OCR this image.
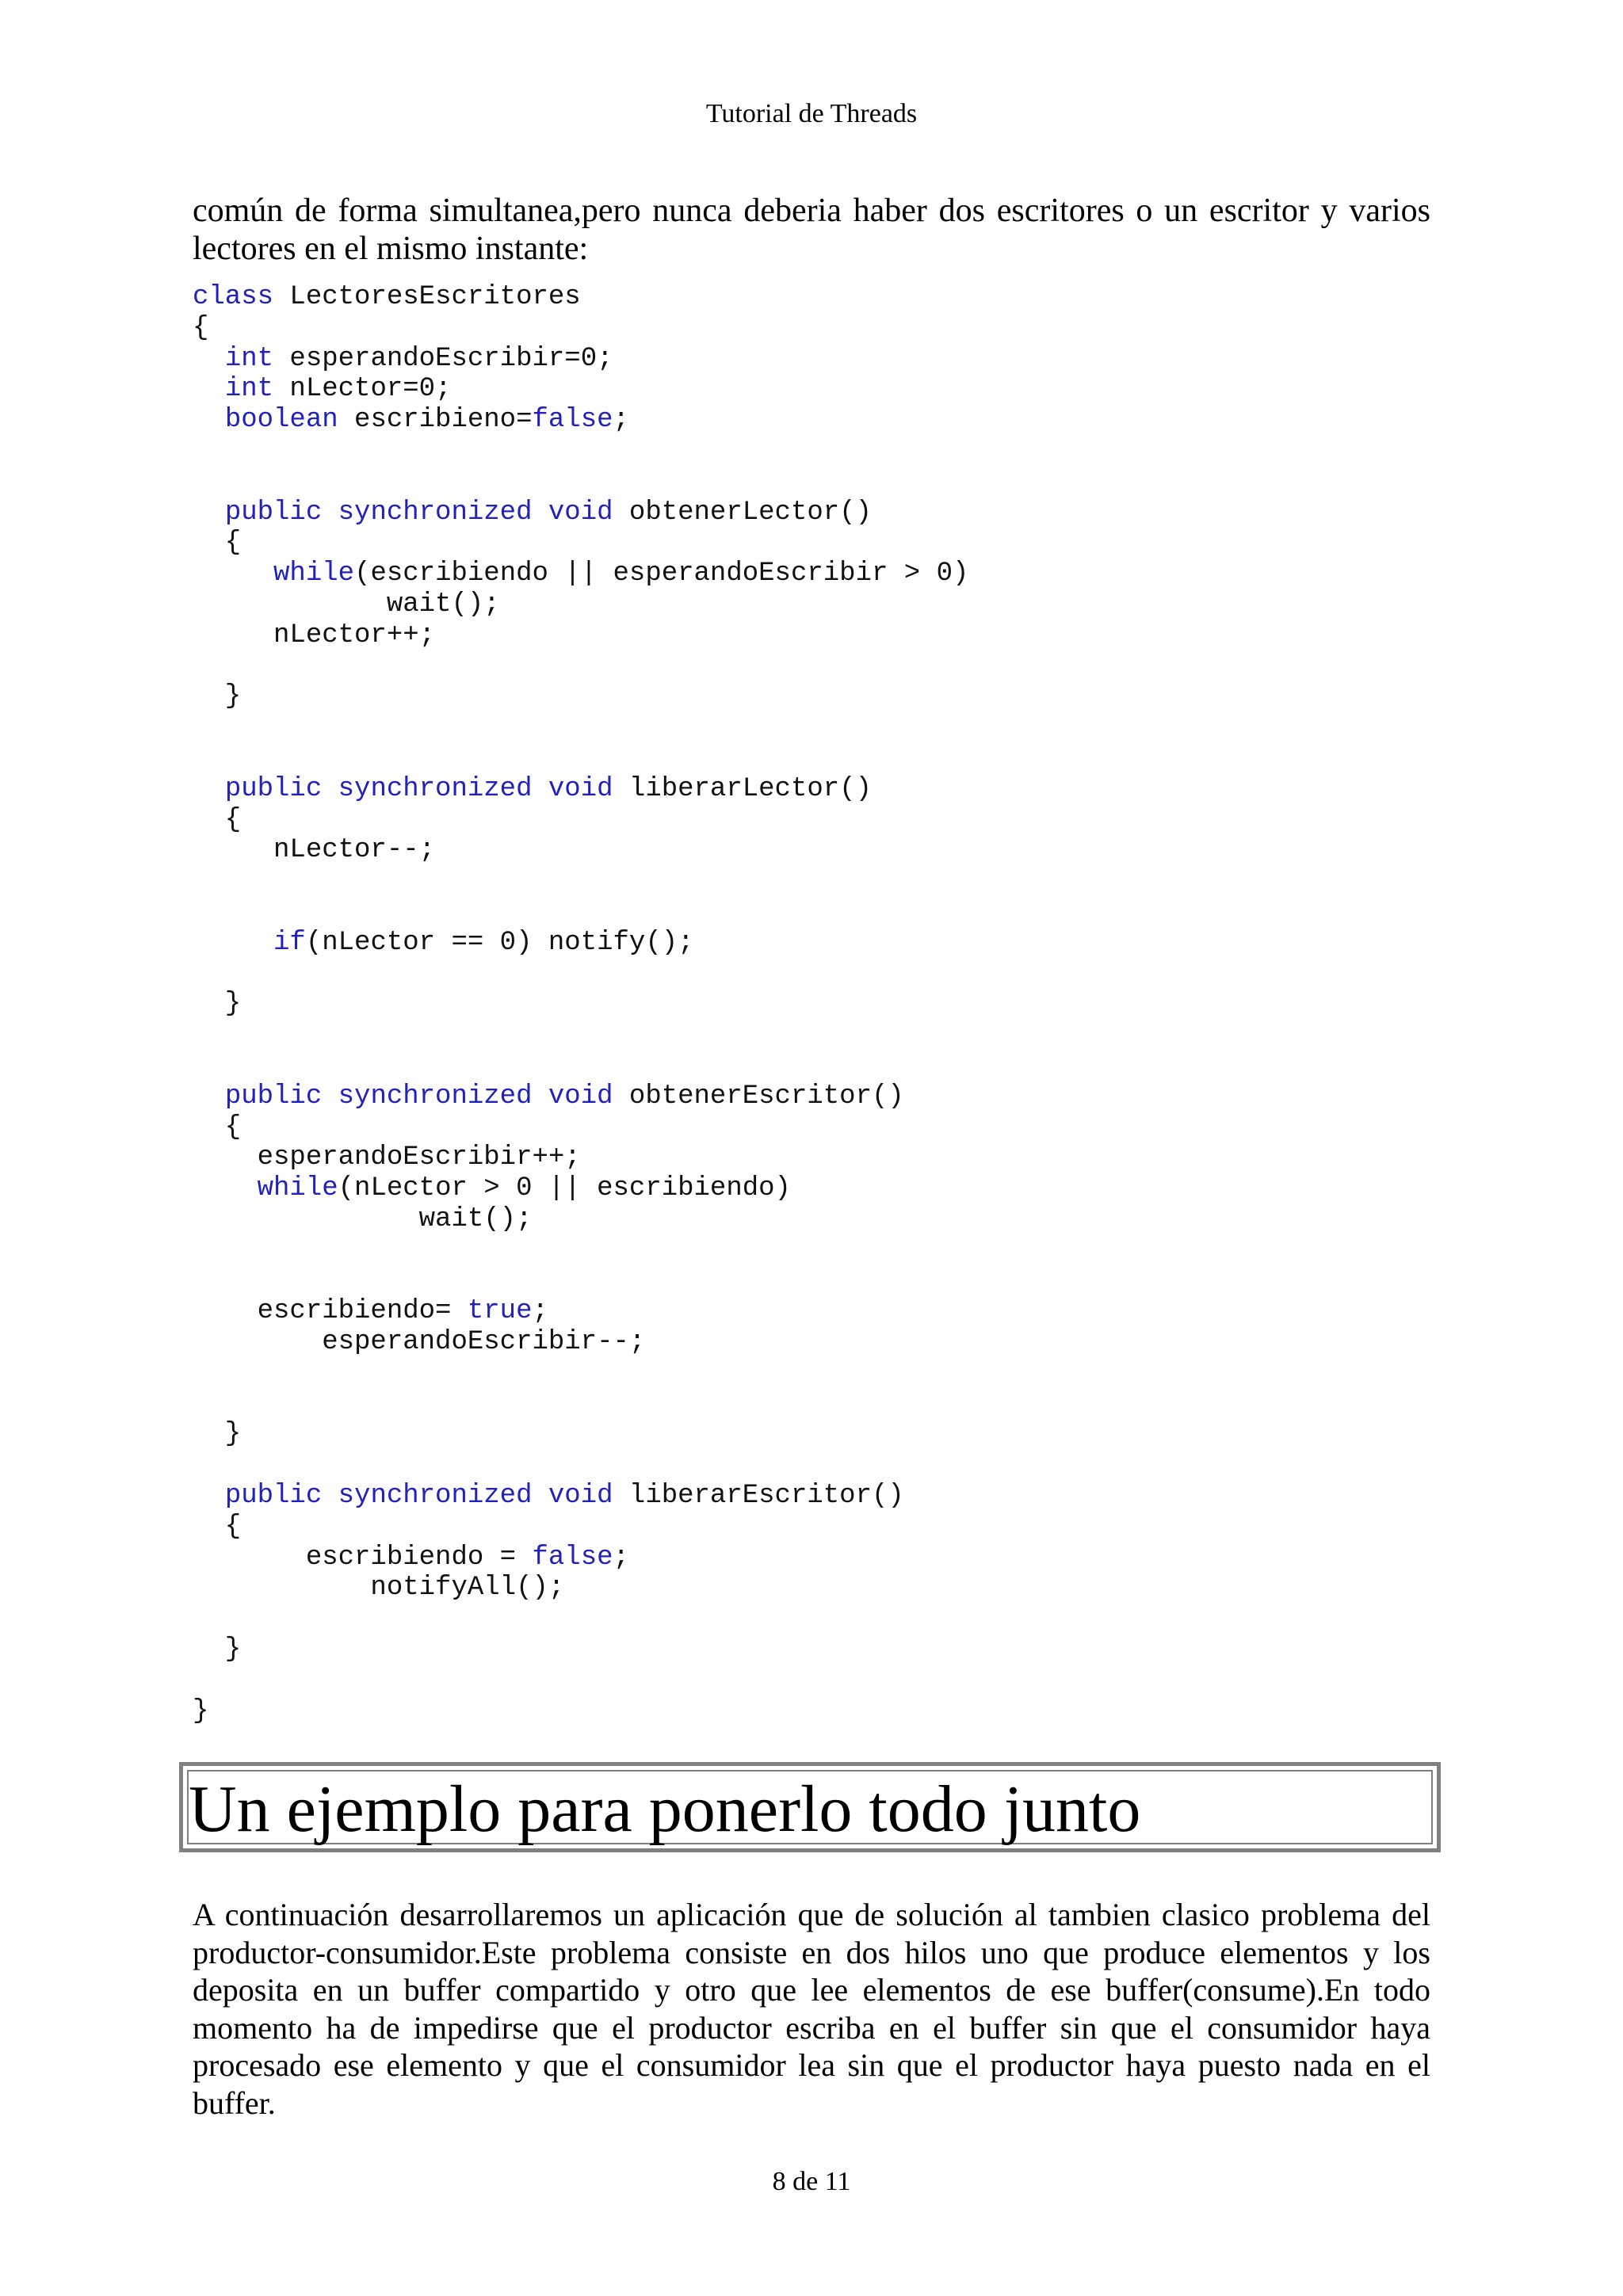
Tutorial de Threads

común de forma simultanea,pero nunca deberia haber dos escritores o un escritor y varios lectores en el mismo instante:

class LectoresEscritores
{
int esperandoEscribir=0;
int nLector=0;
boolean escribieno=false;
public synchronized void obtenerLector()
{
while(escribiendo || esperandoEscribir > 0)
wait();
nLector++;
}
public synchronized void liberarLector()
{
nLector--;
if(nLector == 0) notify();
}
public synchronized void obtenerEscritor()
{
esperandoEscribir++;
while(nLector > 0 || escribiendo)
wait();
escribiendo= true;
esperandoEscribir--;
}
public synchronized void liberarEscritor()
{
escribiendo = false;
notifyAll();
}
}
Un ejemplo para ponerlo todo junto

A continuación desarrollaremos un aplicación que de solución al tambien clasico problema del productor-consumidor.Este problema consiste en dos hilos uno que produce elementos y los deposita en un buffer compartido y otro que lee elementos de ese buffer(consume).En todo momento ha de impedirse que el productor escriba en el buffer sin que el consumidor haya procesado ese elemento y que el consumidor lea sin que el productor haya puesto nada en el buffer.

8 de 11
